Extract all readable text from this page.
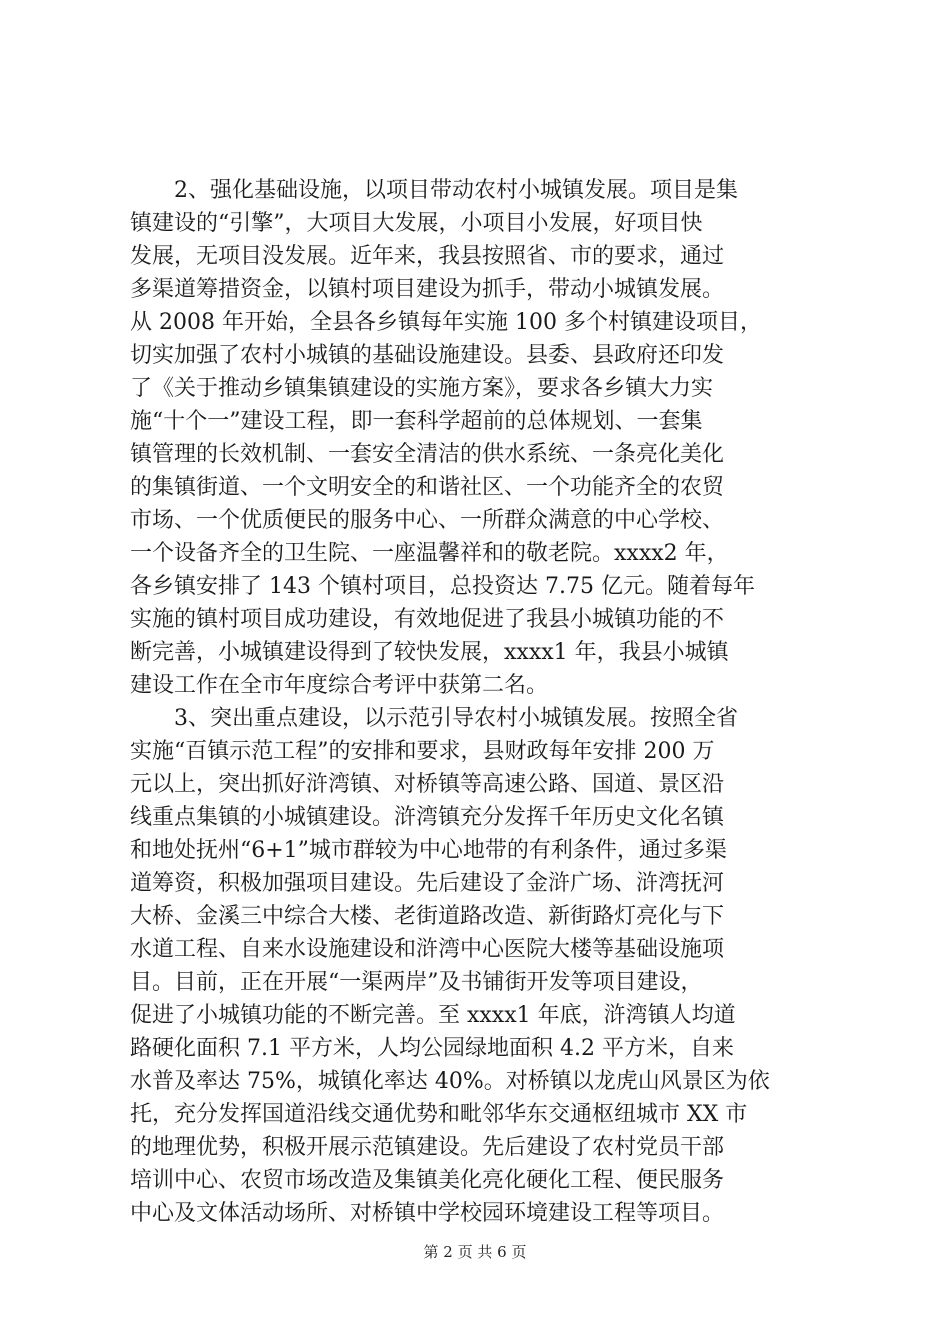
　　2、强化基础设施，以项目带动农村小城镇发展。项目是集
镇建设的“引擎”，大项目大发展，小项目小发展，好项目快
发展，无项目没发展。近年来，我县按照省、市的要求，通过
多渠道筹措资金，以镇村项目建设为抓手，带动小城镇发展。
从 2008 年开始，全县各乡镇每年实施 100 多个村镇建设项目，
切实加强了农村小城镇的基础设施建设。县委、县政府还印发
了《关于推动乡镇集镇建设的实施方案》，要求各乡镇大力实
施“十个一”建设工程，即一套科学超前的总体规划、一套集
镇管理的长效机制、一套安全清洁的供水系统、一条亮化美化
的集镇街道、一个文明安全的和谐社区、一个功能齐全的农贸
市场、一个优质便民的服务中心、一所群众满意的中心学校、
一个设备齐全的卫生院、一座温馨祥和的敬老院。xxxx2 年，
各乡镇安排了 143 个镇村项目，总投资达 7.75 亿元。随着每年
实施的镇村项目成功建设，有效地促进了我县小城镇功能的不
断完善，小城镇建设得到了较快发展，xxxx1 年，我县小城镇
建设工作在全市年度综合考评中获第二名。
　　3、突出重点建设，以示范引导农村小城镇发展。按照全省
实施“百镇示范工程”的安排和要求，县财政每年安排 200 万
元以上，突出抓好浒湾镇、对桥镇等高速公路、国道、景区沿
线重点集镇的小城镇建设。浒湾镇充分发挥千年历史文化名镇
和地处抚州“6+1”城市群较为中心地带的有利条件，通过多渠
道筹资，积极加强项目建设。先后建设了金浒广场、浒湾抚河
大桥、金溪三中综合大楼、老街道路改造、新街路灯亮化与下
水道工程、自来水设施建设和浒湾中心医院大楼等基础设施项
目。目前，正在开展“一渠两岸”及书铺街开发等项目建设，
促进了小城镇功能的不断完善。至 xxxx1 年底，浒湾镇人均道
路硬化面积 7.1 平方米，人均公园绿地面积 4.2 平方米，自来
水普及率达 75%，城镇化率达 40%。对桥镇以龙虎山风景区为依
托，充分发挥国道沿线交通优势和毗邻华东交通枢纽城市 XX 市
的地理优势，积极开展示范镇建设。先后建设了农村党员干部
培训中心、农贸市场改造及集镇美化亮化硬化工程、便民服务
中心及文体活动场所、对桥镇中学校园环境建设工程等项目。
第 2 页 共 6 页
